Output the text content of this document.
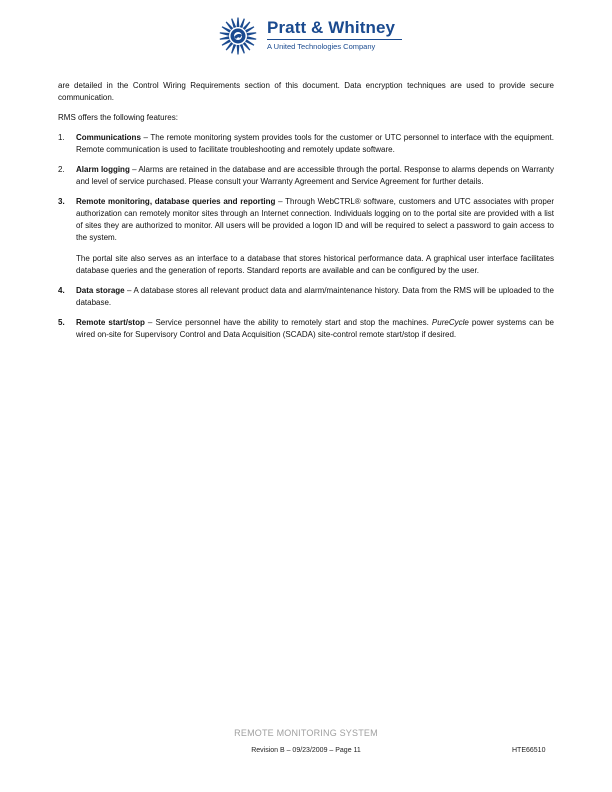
Pratt & Whitney
A United Technologies Company

are detailed in the Control Wiring Requirements section of this document. Data encryption techniques are used to provide secure communication.

RMS offers the following features:

1. Communications – The remote monitoring system provides tools for the customer or UTC personnel to interface with the equipment. Remote communication is used to facilitate troubleshooting and remotely update software.

2. Alarm logging – Alarms are retained in the database and are accessible through the portal. Response to alarms depends on Warranty and level of service purchased. Please consult your Warranty Agreement and Service Agreement for further details.

3. Remote monitoring, database queries and reporting – Through WebCTRL® software, customers and UTC associates with proper authorization can remotely monitor sites through an Internet connection. Individuals logging on to the portal site are provided with a list of sites they are authorized to monitor. All users will be provided a logon ID and will be required to select a password to gain access to the system.

The portal site also serves as an interface to a database that stores historical performance data. A graphical user interface facilitates database queries and the generation of reports. Standard reports are available and can be configured by the user.

4. Data storage – A database stores all relevant product data and alarm/maintenance history. Data from the RMS will be uploaded to the database.

5. Remote start/stop – Service personnel have the ability to remotely start and stop the machines. PureCycle power systems can be wired on-site for Supervisory Control and Data Acquisition (SCADA) site-control remote start/stop if desired.

REMOTE MONITORING SYSTEM
Revision B – 09/23/2009 – Page 11	HTE66510
